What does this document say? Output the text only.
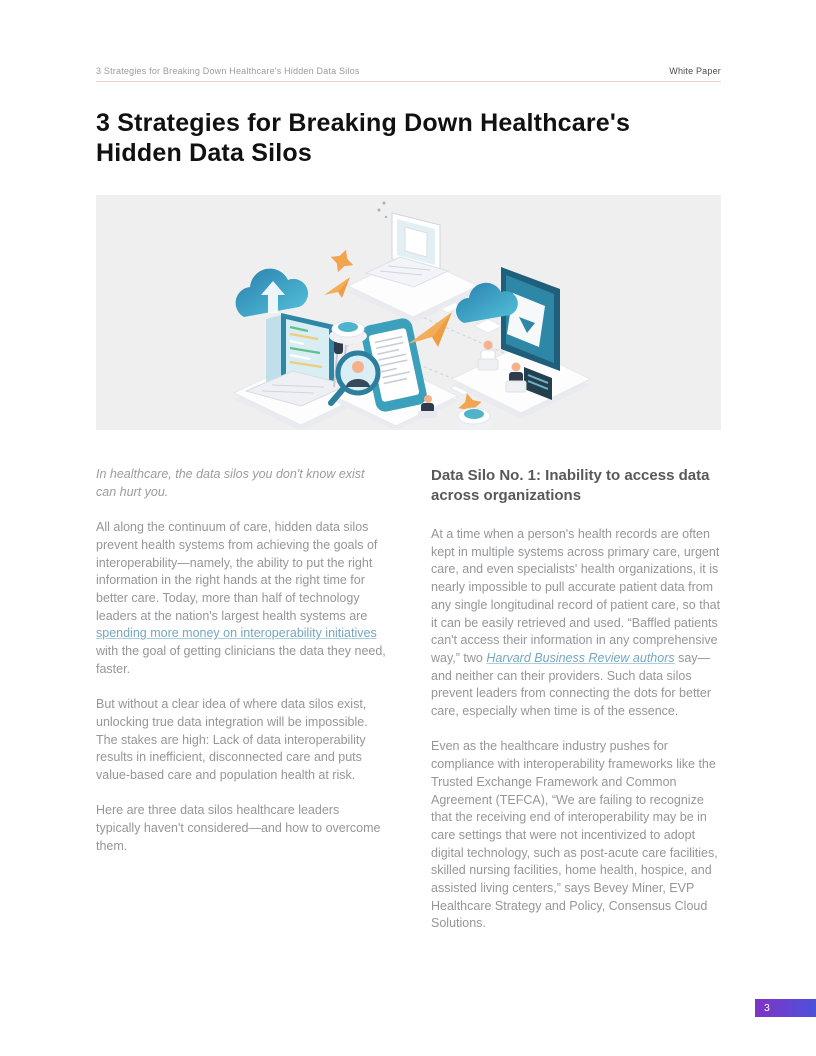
3 Strategies for Breaking Down Healthcare's Hidden Data Silos	White Paper
3 Strategies for Breaking Down Healthcare's
Hidden Data Silos

In healthcare, the data silos you don't know exist can hurt you.

All along the continuum of care, hidden data silos prevent health systems from achieving the goals of interoperability—namely, the ability to put the right information in the right hands at the right time for better care. Today, more than half of technology leaders at the nation's largest health systems are spending more money on interoperability initiatives with the goal of getting clinicians the data they need, faster.

But without a clear idea of where data silos exist, unlocking true data integration will be impossible. The stakes are high: Lack of data interoperability results in inefficient, disconnected care and puts value-based care and population health at risk.

Here are three data silos healthcare leaders typically haven't considered—and how to overcome them.

Data Silo No. 1: Inability to access data across organizations

At a time when a person's health records are often kept in multiple systems across primary care, urgent care, and even specialists' health organizations, it is nearly impossible to pull accurate patient data from any single longitudinal record of patient care, so that it can be easily retrieved and used. “Baffled patients can't access their information in any comprehensive way,” two Harvard Business Review authors say—and neither can their providers. Such data silos prevent leaders from connecting the dots for better care, especially when time is of the essence.

Even as the healthcare industry pushes for compliance with interoperability frameworks like the Trusted Exchange Framework and Common Agreement (TEFCA), “We are failing to recognize that the receiving end of interoperability may be in care settings that were not incentivized to adopt digital technology, such as post-acute care facilities, skilled nursing facilities, home health, hospice, and assisted living centers,” says Bevey Miner, EVP Healthcare Strategy and Policy, Consensus Cloud Solutions.

3
